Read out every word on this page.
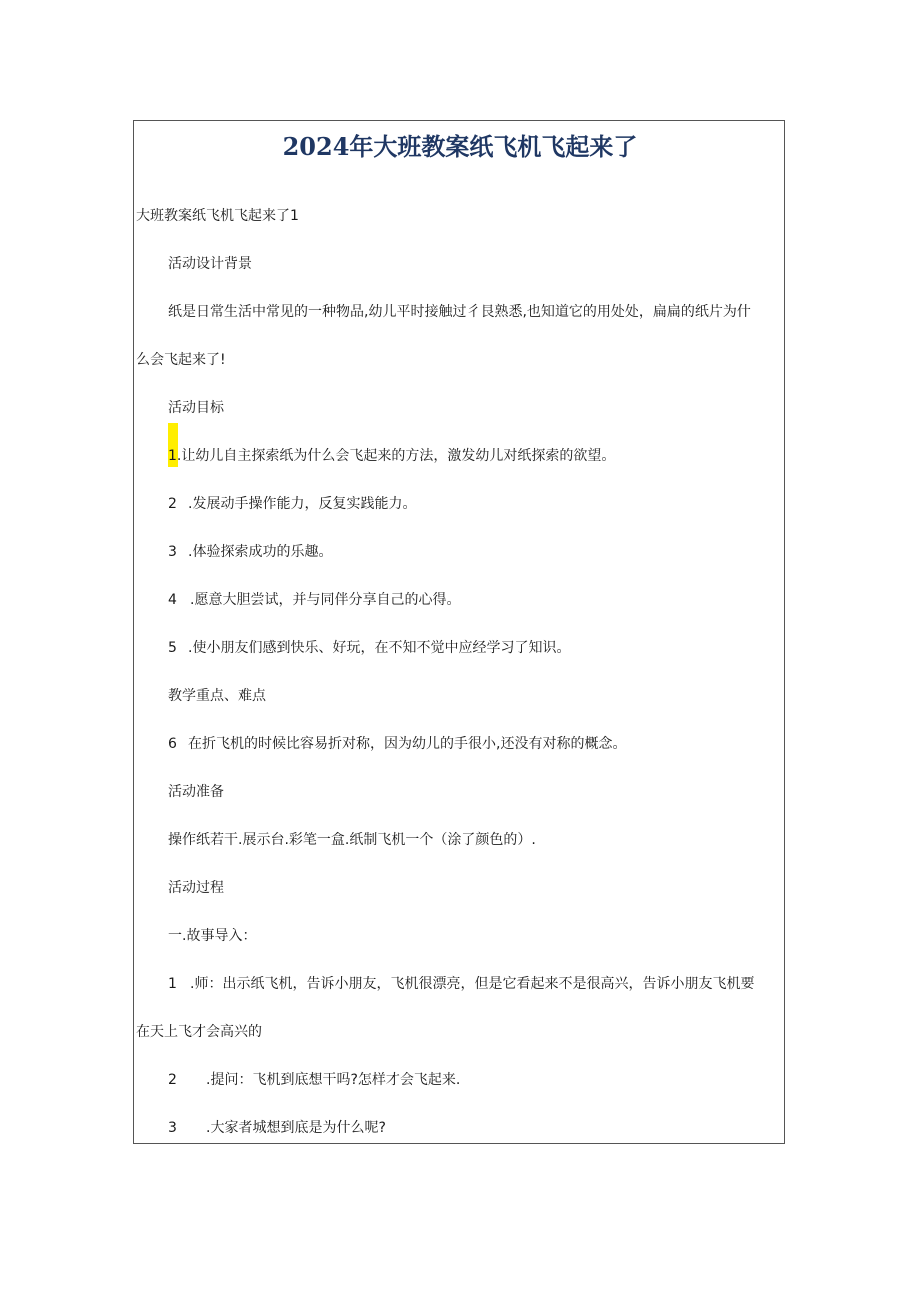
2024年大班教案纸飞机飞起来了
大班教案纸飞机飞起来了1
活动设计背景
纸是日常生活中常见的一种物品,幼儿平时接触过彳艮熟悉,也知道它的用处处，扁扁的纸片为什
么会飞起来了!
活动目标
1.让幼儿自主探索纸为什么会飞起来的方法，激发幼儿对纸探索的欲望。
2 .发展动手操作能力，反复实践能力。
3 .体验探索成功的乐趣。
4 .愿意大胆尝试，并与同伴分享自己的心得。
5 .使小朋友们感到快乐、好玩，在不知不觉中应经学习了知识。
教学重点、难点
6 在折飞机的时候比容易折对称，因为幼儿的手很小,还没有对称的概念。
活动准备
操作纸若干.展示台.彩笔一盒.纸制飞机一个（涂了颜色的）.
活动过程
一.故事导入：
1 .师：出示纸飞机，告诉小朋友，飞机很漂亮，但是它看起来不是很高兴，告诉小朋友飞机要
在天上飞才会高兴的
2 .提问：飞机到底想干吗?怎样才会飞起来.
3 .大家者城想到底是为什么呢?
